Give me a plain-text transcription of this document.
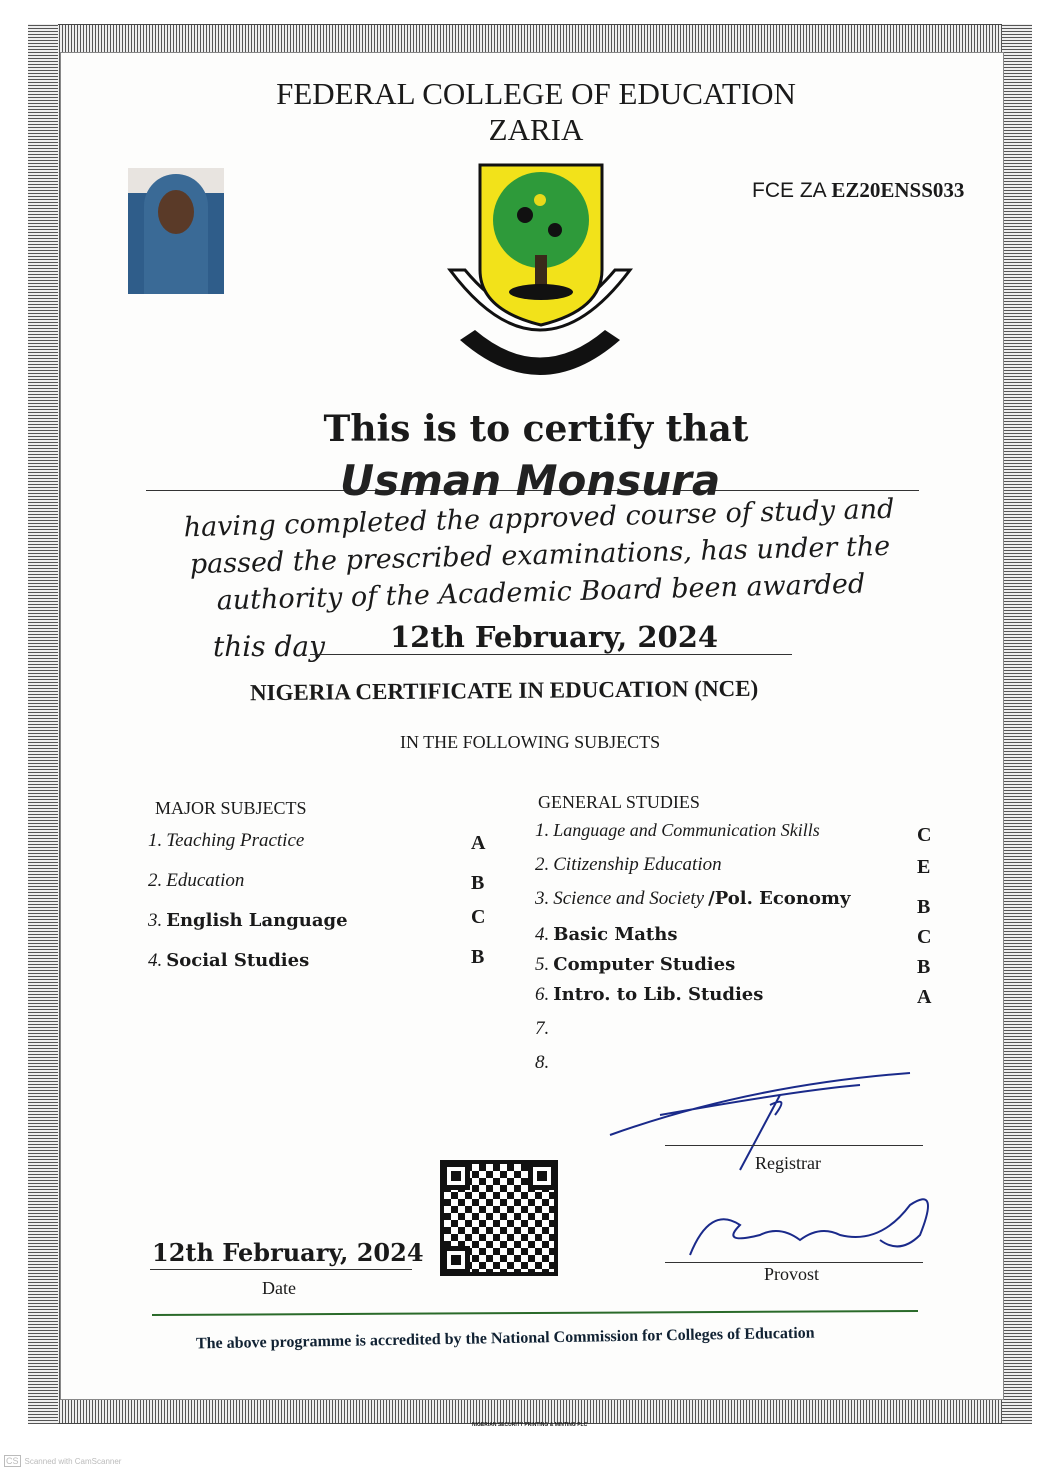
FEDERAL COLLEGE OF EDUCATION
ZARIA
FCE ZA EZ20ENSS033
This is to certify that
Usman Monsura
having completed the approved course of study and
passed the prescribed examinations, has under the
authority of the Academic Board been awarded
this day 12th February, 2024
NIGERIA CERTIFICATE IN EDUCATION (NCE)
IN THE FOLLOWING SUBJECTS
MAJOR SUBJECTS
1. Teaching Practice	A
2. Education	B
3. English Language	C
4. Social Studies	B
GENERAL STUDIES
1. Language and Communication Skills	C
2. Citizenship Education	E
3. Science and Society /Pol. Economy	B
4. Basic Maths	C
5. Computer Studies	B
6. Intro. to Lib. Studies	A
7.
8.
Registrar
Provost
12th February, 2024
Date
The above programme is accredited by the National Commission for Colleges of Education
NIGERIAN SECURITY PRINTING & MINTING PLC
CS Scanned with CamScanner
